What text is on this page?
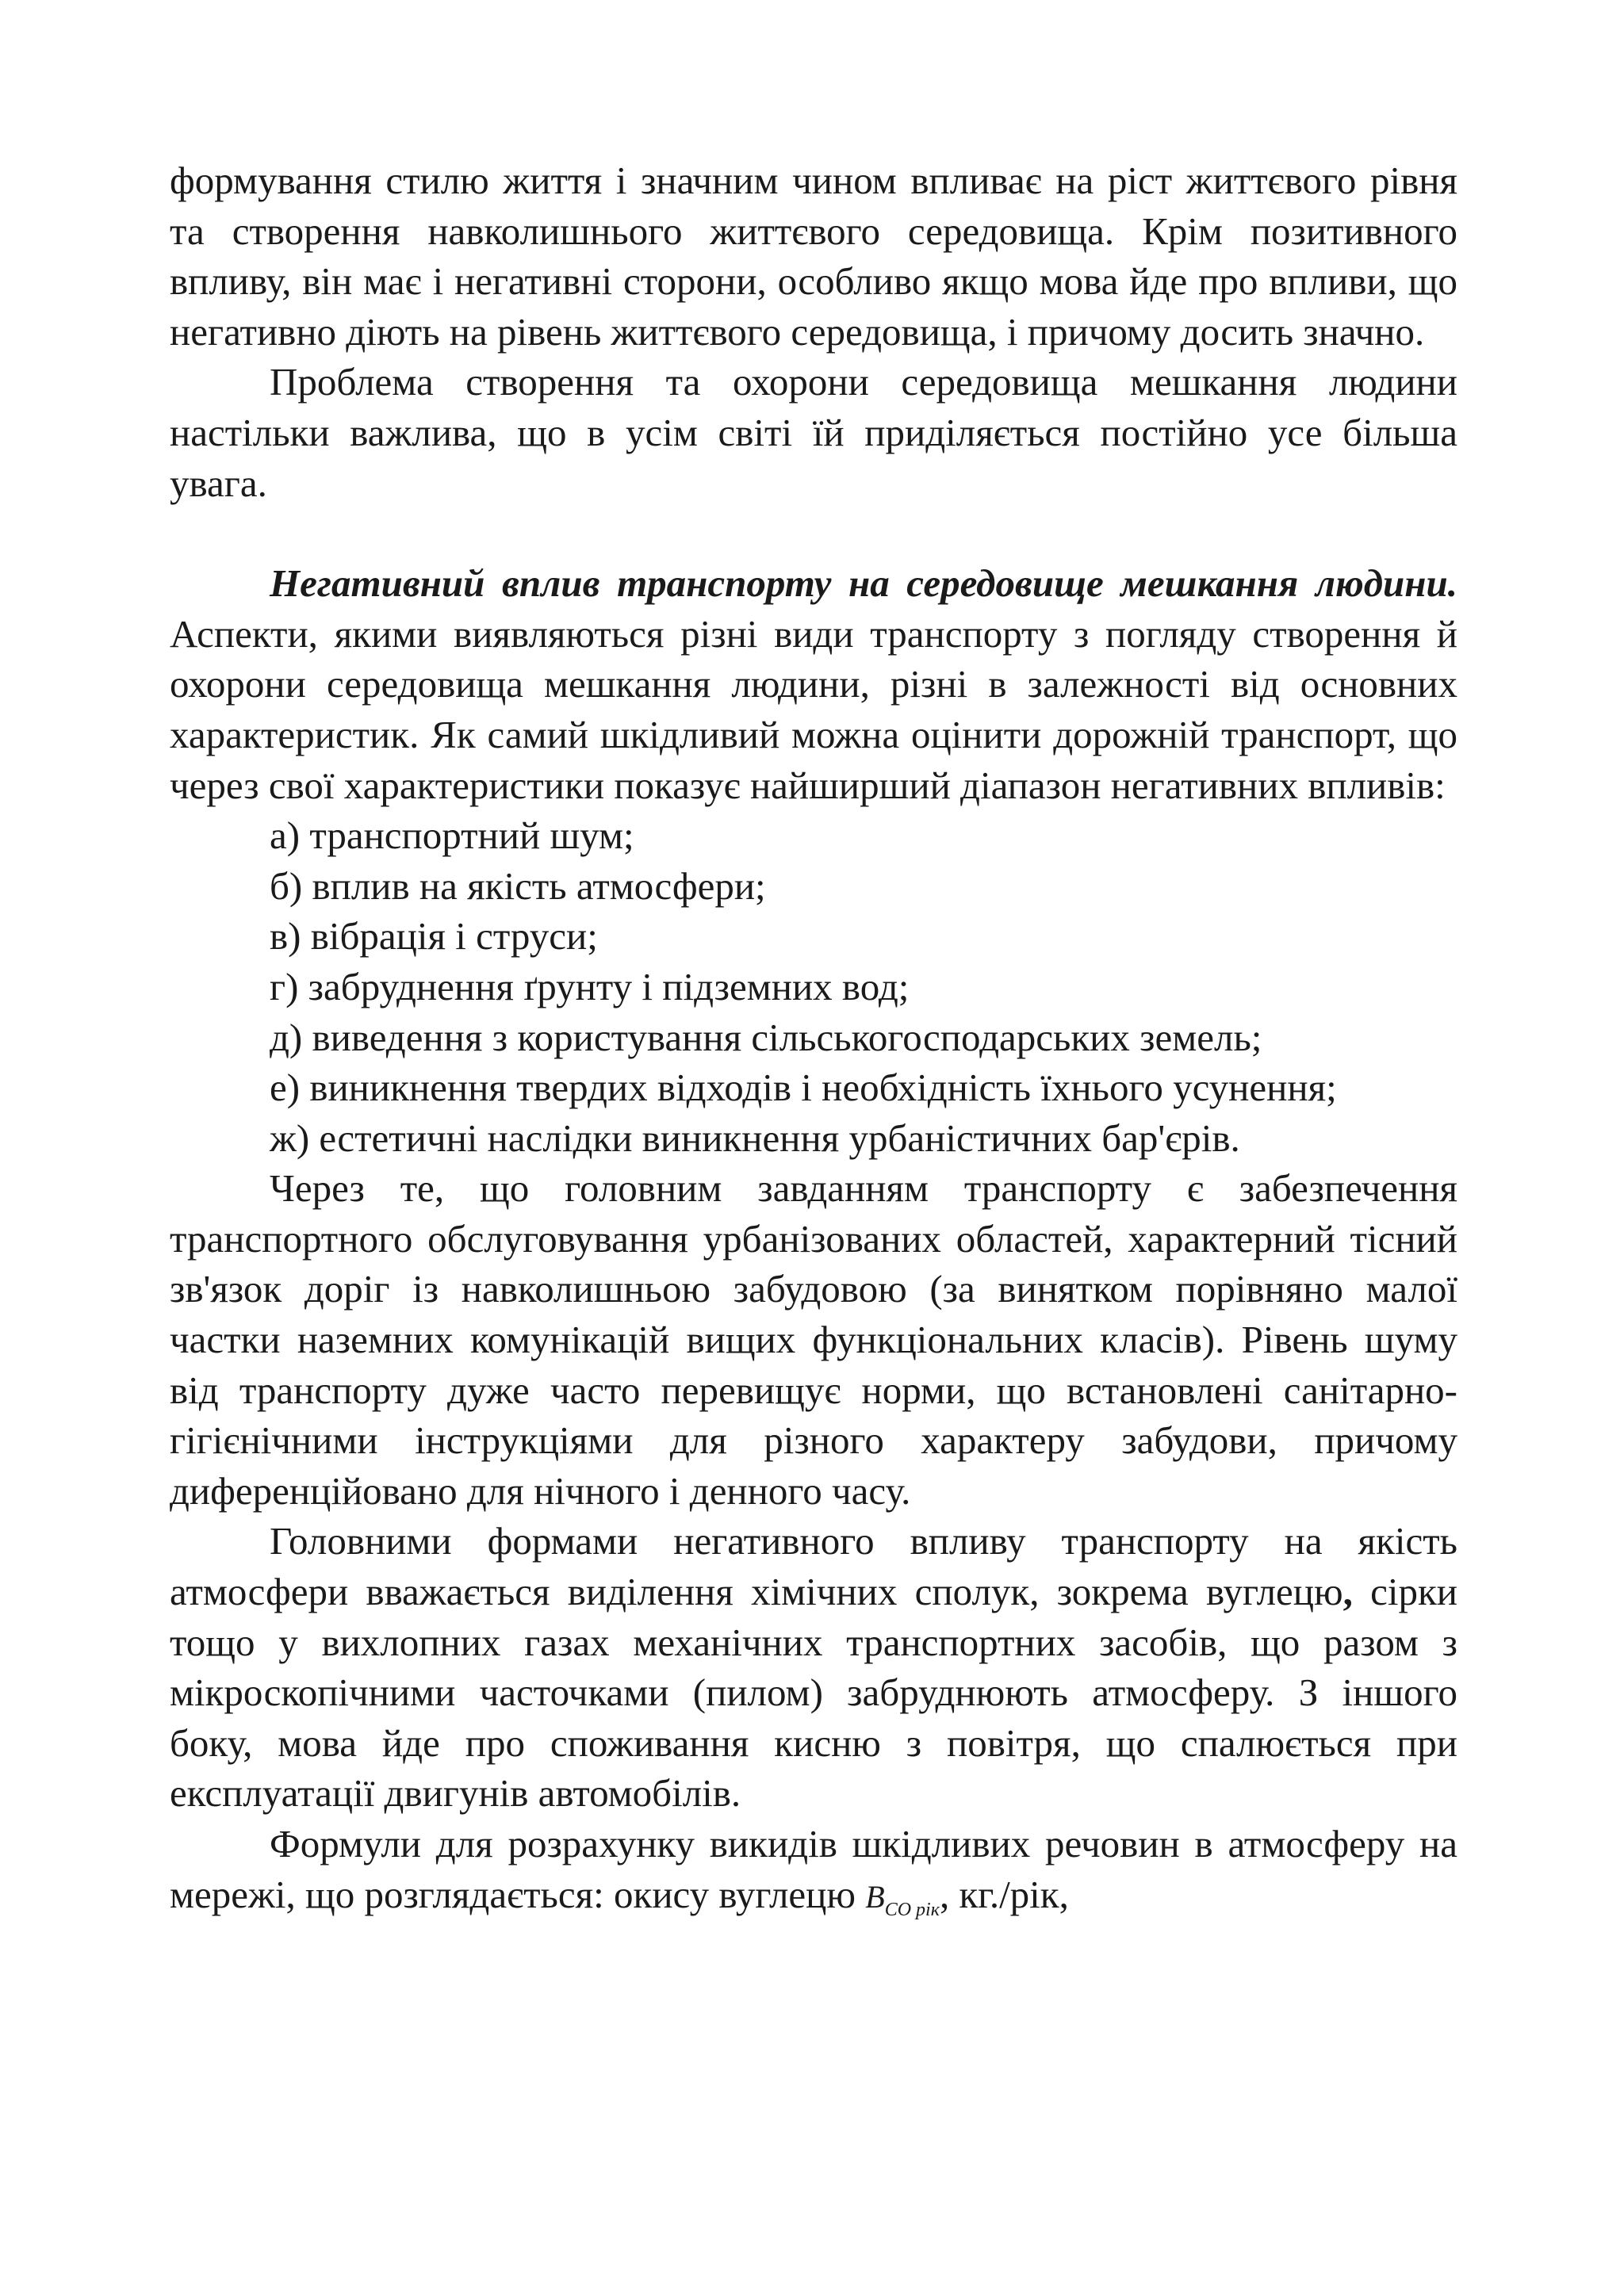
формування стилю життя і значним чином впливає на ріст життєвого рівня та створення навколишнього життєвого середовища. Крім позитивного впливу, він має і негативні сторони, особливо якщо мова йде про впливи, що негативно діють на рівень життєвого середовища, і причому досить значно.

Проблема створення та охорони середовища мешкання людини настільки важлива, що в усім світі їй приділяється постійно усе більша увага.

Негативний вплив транспорту на середовище мешкання людини. Аспекти, якими виявляються різні види транспорту з погляду створення й охорони середовища мешкання людини, різні в залежності від основних характеристик. Як самий шкідливий можна оцінити дорожній транспорт, що через свої характеристики показує найширший діапазон негативних впливів:

а) транспортний шум;

б) вплив на якість атмосфери;

в) вібрація і струси;

г) забруднення ґрунту і підземних вод;

д) виведення з користування сільськогосподарських земель;

е) виникнення твердих відходів і необхідність їхнього усунення;

ж) естетичні наслідки виникнення урбаністичних бар'єрів.

Через те, що головним завданням транспорту є забезпечення транспортного обслуговування урбанізованих областей, характерний тісний зв'язок доріг із навколишньою забудовою (за винятком порівняно малої частки наземних комунікацій вищих функціональних класів). Рівень шуму від транспорту дуже часто перевищує норми, що встановлені санітарно-гігієнічними інструкціями для різного характеру забудови, причому диференційовано для нічного і денного часу.

Головними формами негативного впливу транспорту на якість атмосфери вважається виділення хімічних сполук, зокрема вуглецю, сірки тощо у вихлопних газах механічних транспортних засобів, що разом з мікроскопічними часточками (пилом) забруднюють атмосферу. З іншого боку, мова йде про споживання кисню з повітря, що спалюється при експлуатації двигунів автомобілів.

Формули для розрахунку викидів шкідливих речовин в атмосферу на мережі, що розглядається: окису вуглецю $B_{CO рік}$, кг./рік,
